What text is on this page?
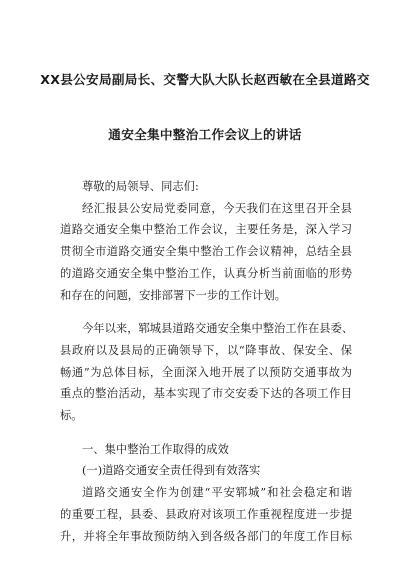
XX县公安局副局长、交警大队大队长赵西敏在全县道路交

通安全集中整治工作会议上的讲话

尊敬的局领导、同志们:
经汇报县公安局党委同意，今天我们在这里召开全县
道路交通安全集中整治工作会议，主要任务是，深入学习
贯彻全市道路交通安全集中整治工作会议精神，总结全县
的道路交通安全集中整治工作，认真分析当前面临的形势
和存在的问题，安排部署下一步的工作计划。
今年以来，郓城县道路交通安全集中整治工作在县委、
县政府以及县局的正确领导下，以“降事故、保安全、保
畅通”为总体目标，全面深入地开展了以预防交通事故为
重点的整治活动，基本实现了市交安委下达的各项工作目
标。
一、集中整治工作取得的成效
(一)道路交通安全责任得到有效落实
道路交通安全作为创建“平安郓城”和社会稳定和谐
的重要工程，县委、县政府对该项工作重视程度进一步提
升，并将全年事故预防纳入到各级各部门的年度工作目标
